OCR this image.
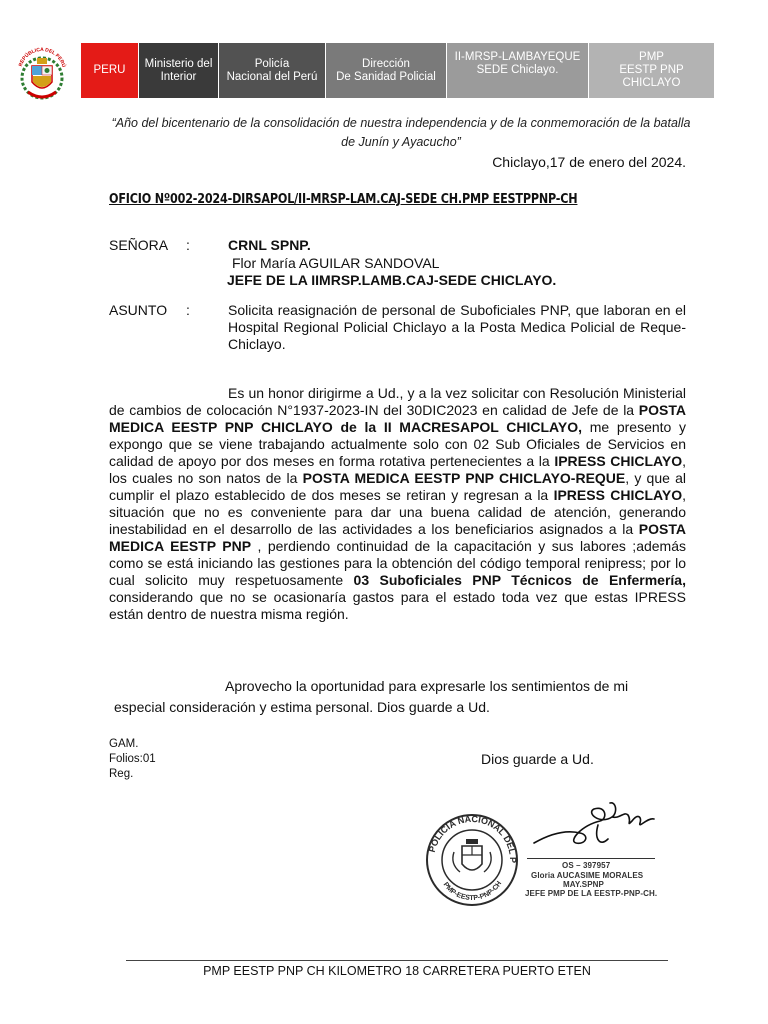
REPÚBLICA DEL PERÚ PERU
Ministerio del
Interior
Policía
Nacional del Perú
Dirección
De Sanidad Policial
II-MRSP-LAMBAYEQUE
SEDE Chiclayo.
PMP
EESTP PNP
CHICLAYO
“Año del bicentenario de la consolidación de nuestra independencia y de la conmemoración de la batalla de Junín y Ayacucho”
Chiclayo,17 de enero del 2024.
OFICIO Nº002-2024-DIRSAPOL/II-MRSP-LAM.CAJ-SEDE CH.PMP EESTPPNP-CH
SEÑORA :	CRNL SPNP.
Flor María AGUILAR SANDOVAL
JEFE DE LA IIMRSP.LAMB.CAJ-SEDE CHICLAYO.
ASUNTO :	Solicita reasignación de personal de Suboficiales PNP, que laboran en el Hospital Regional Policial Chiclayo a la Posta Medica Policial de Reque- Chiclayo.
Es un honor dirigirme a Ud., y a la vez solicitar con Resolución Ministerial de cambios de colocación N°1937-2023-IN del 30DIC2023 en calidad de Jefe de la POSTA MEDICA EESTP PNP CHICLAYO de la II MACRESAPOL CHICLAYO, me presento y expongo que se viene trabajando actualmente solo con 02 Sub Oficiales de Servicios en calidad de apoyo por dos meses en forma rotativa pertenecientes a la IPRESS CHICLAYO, los cuales no son natos de la POSTA MEDICA EESTP PNP CHICLAYO-REQUE, y que al cumplir el plazo establecido de dos meses se retiran y regresan a la IPRESS CHICLAYO, situación que no es conveniente para dar una buena calidad de atención, generando inestabilidad en el desarrollo de las actividades a los beneficiarios asignados a la POSTA MEDICA EESTP PNP , perdiendo continuidad de la capacitación y sus labores ;además como se está iniciando las gestiones para la obtención del código temporal renipress; por lo cual solicito muy respetuosamente 03 Suboficiales PNP Técnicos de Enfermería, considerando que no se ocasionaría gastos para el estado toda vez que estas IPRESS están dentro de nuestra misma región.
Aprovecho la oportunidad para expresarle los sentimientos de mi
especial consideración y estima personal. Dios guarde a Ud.
GAM.
Folios:01
Reg.
Dios guarde a Ud.
POLICIA NACIONAL DEL P
PMP-EESTP-PNP-CH
OS – 397957
Gloria AUCASIME MORALES
MAY.SPNP
JEFE PMP DE LA EESTP-PNP-CH.
PMP EESTP PNP CH KILOMETRO 18 CARRETERA PUERTO ETEN
